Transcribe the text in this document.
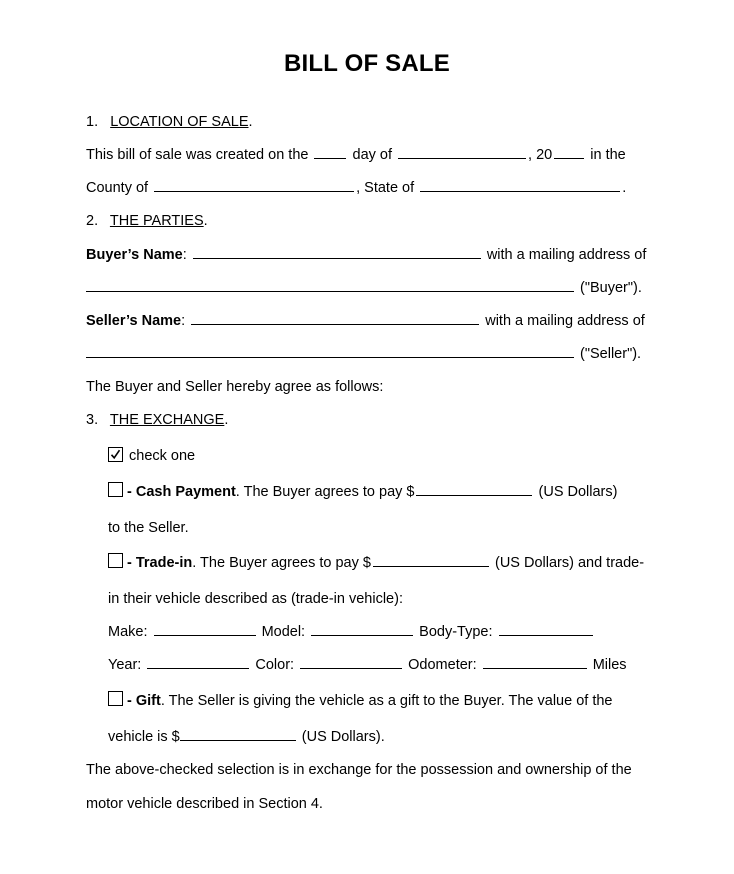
BILL OF SALE
1. LOCATION OF SALE.
This bill of sale was created on the	day of	, 20	in the
County of	, State of	.
2. THE PARTIES.
Buyer’s Name:	with a mailing address of
("Buyer").
Seller’s Name:	with a mailing address of
("Seller").
The Buyer and Seller hereby agree as follows:
3. THE EXCHANGE.
check one
- Cash Payment. The Buyer agrees to pay $	(US Dollars)
to the Seller.
- Trade-in. The Buyer agrees to pay $	(US Dollars) and trade-
in their vehicle described as (trade-in vehicle):
Make:	Model:	Body-Type:
Year:	Color:	Odometer:	Miles
- Gift. The Seller is giving the vehicle as a gift to the Buyer. The value of the
vehicle is $	(US Dollars).
The above-checked selection is in exchange for the possession and ownership of the
motor vehicle described in Section 4.
